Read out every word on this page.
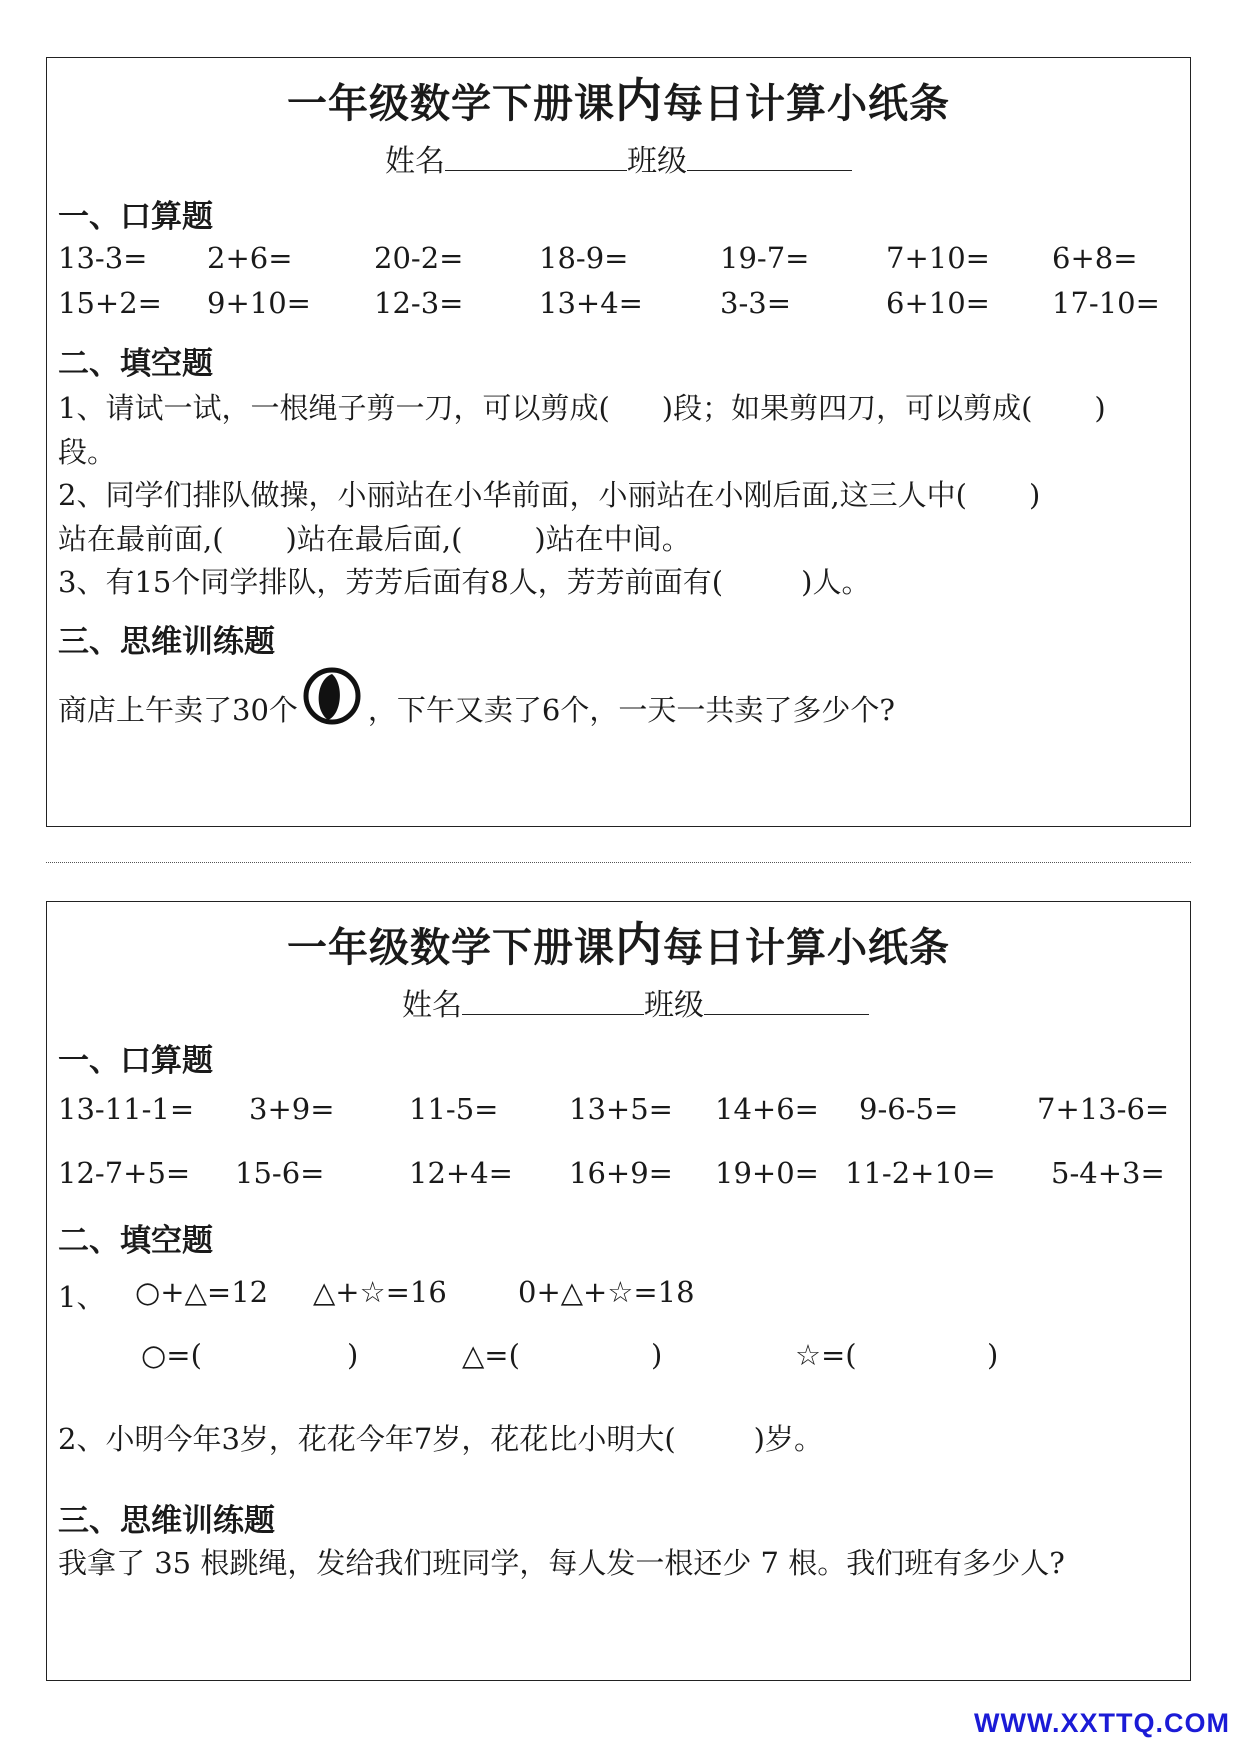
一年级数学下册课内每日计算小纸条
姓名	班级
一、口算题
13-3= 2+6=	20-2=	18-9=	19-7=	7+10= 6+8=
15+2= 9+10= 12-3=	13+4=	3-3=	6+10= 17-10=
二、填空题
1、请试一试，一根绳子剪一刀，可以剪成( )段；如果剪四刀，可以剪成( )
段。
2、同学们排队做操，小丽站在小华前面，小丽站在小刚后面,这三人中( )
站在最前面,( )站在最后面,( )站在中间。
3、有15个同学排队，芳芳后面有8人，芳芳前面有(	)人。
三、思维训练题
商店上午卖了30个 ，下午又卖了6个，一天一共卖了多少个?
一年级数学下册课内每日计算小纸条
姓名	班级
一、口算题
13-11-1= 3+9=	11-5= 13+5= 14+6= 9-6-5=	7+13-6=
12-7+5= 15-6=	12+4= 16+9= 19+0= 11-2+10= 5-4+3=
二、填空题
1、 ○+△=12 △+☆=16 0+△+☆=18
○=(	)	△=(	)	☆=(	)
2、小明今年3岁，花花今年7岁，花花比小明大(	)岁。
三、思维训练题
我拿了 35 根跳绳，发给我们班同学，每人发一根还少 7 根。我们班有多少人?
WWW.XXTTQ.COM
